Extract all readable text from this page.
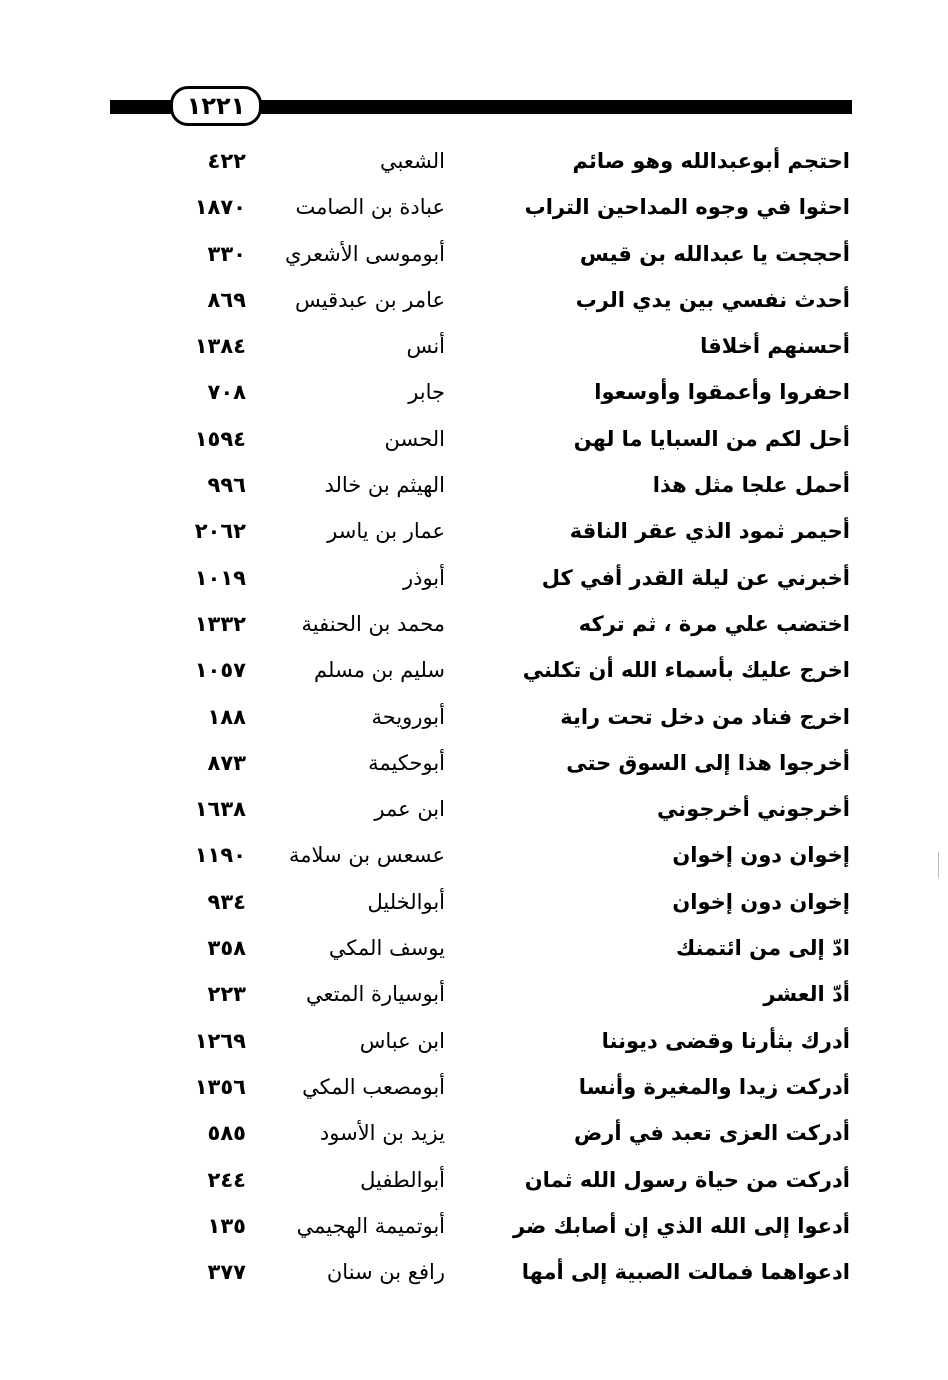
١٢٢١
احتجم أبوعبدالله وهو صائم
الشعبي
٤٢٢
احثوا في وجوه المداحين التراب
عبادة بن الصامت
١٨٧٠
أحججت يا عبدالله بن قيس
أبوموسى الأشعري
٣٣٠
أحدث نفسي بين يدي الرب
عامر بن عبدقيس
٨٦٩
أحسنهم أخلاقا
أنس
١٣٨٤
احفروا وأعمقوا وأوسعوا
جابر
٧٠٨
أحل لكم من السبايا ما لهن
الحسن
١٥٩٤
أحمل علجا مثل هذا
الهيثم بن خالد
٩٩٦
أحيمر ثمود الذي عقر الناقة
عمار بن ياسر
٢٠٦٢
أخبرني عن ليلة القدر أفي كل
أبوذر
١٠١٩
اختضب علي مرة ، ثم تركه
محمد بن الحنفية
١٣٣٢
اخرج عليك بأسماء الله أن تكلني
سليم بن مسلم
١٠٥٧
اخرج فناد من دخل تحت راية
أبورويحة
١٨٨
أخرجوا هذا إلى السوق حتى
أبوحكيمة
٨٧٣
أخرجوني أخرجوني
ابن عمر
١٦٣٨
إخوان دون إخوان
عسعس بن سلامة
١١٩٠
إخوان دون إخوان
أبوالخليل
٩٣٤
ادّ إلى من ائتمنك
يوسف المكي
٣٥٨
أدّ العشر
أبوسيارة المتعي
٢٢٣
أدرك بثأرنا وقضى ديوننا
ابن عباس
١٢٦٩
أدركت زيدا والمغيرة وأنسا
أبومصعب المكي
١٣٥٦
أدركت العزى تعبد في أرض
يزيد بن الأسود
٥٨٥
أدركت من حياة رسول الله ثمان
أبوالطفيل
٢٤٤
أدعوا إلى الله الذي إن أصابك ضر
أبوتميمة الهجيمي
١٣٥
ادعواهما فمالت الصبية إلى أمها
رافع بن سنان
٣٧٧
